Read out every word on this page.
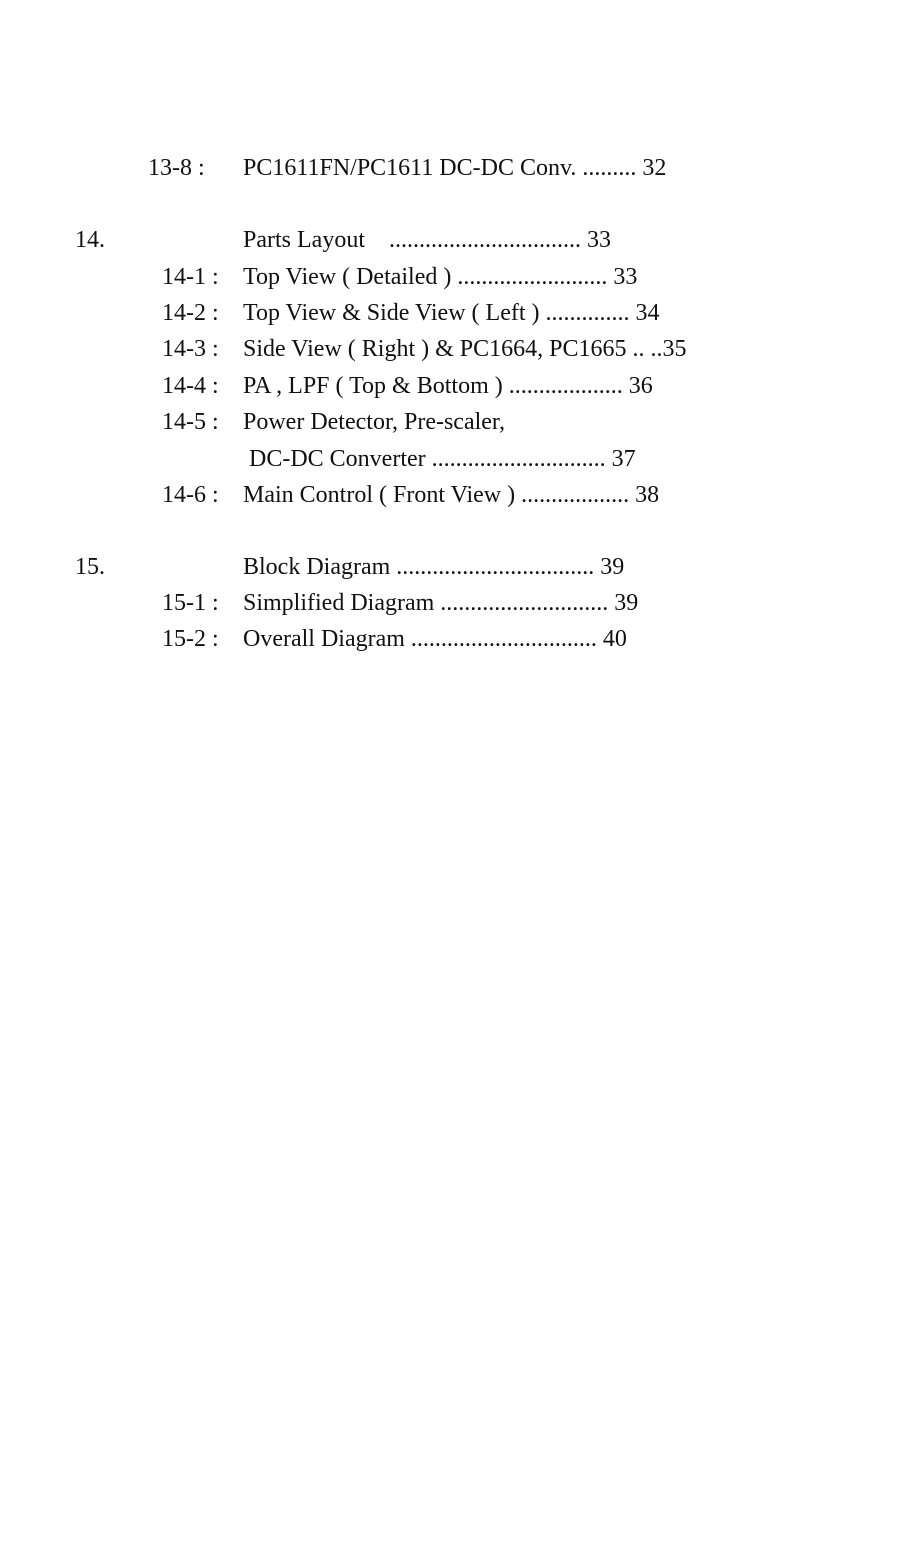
13-8 : PC1611FN/PC1611 DC-DC Conv. ......... 32
14.	Parts Layout    ................................ 33
14-1 : Top View ( Detailed ) ......................... 33
14-2 : Top View & Side View ( Left ) .............. 34
14-3 : Side View ( Right ) & PC1664, PC1665 .. ..35
14-4 : PA , LPF ( Top & Bottom ) ................... 36
14-5 : Power Detector, Pre-scaler,
DC-DC Converter ............................. 37
14-6 : Main Control ( Front View ) .................. 38
15.	Block Diagram ................................. 39
15-1 : Simplified Diagram ............................ 39
15-2 : Overall Diagram ............................... 40
